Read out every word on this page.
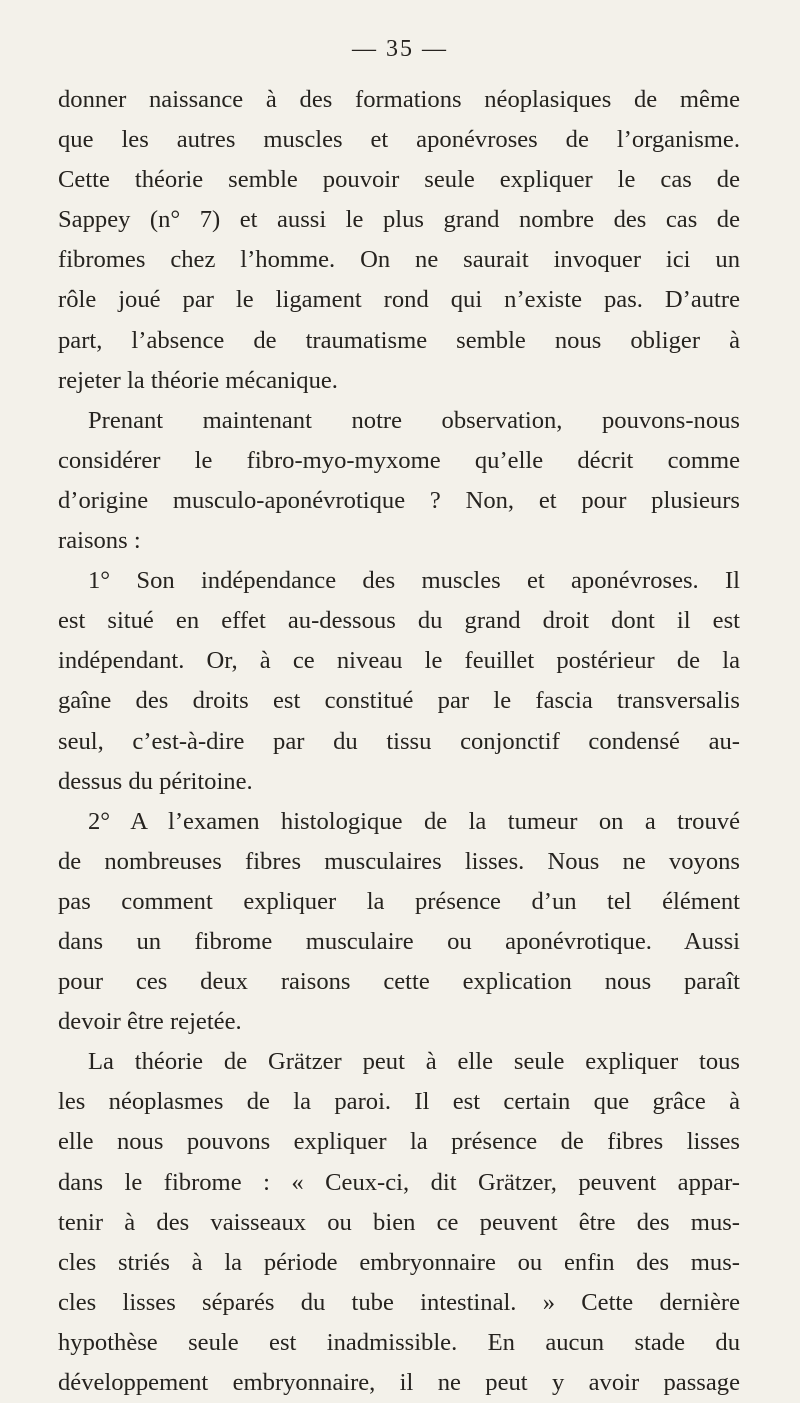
— 35 —
donner naissance à des formations néoplasiques de même
que les autres muscles et aponévroses de l’organisme.
Cette théorie semble pouvoir seule expliquer le cas de
Sappey (n° 7) et aussi le plus grand nombre des cas de
fibromes chez l’homme. On ne saurait invoquer ici un
rôle joué par le ligament rond qui n’existe pas. D’autre
part, l’absence de traumatisme semble nous obliger à
rejeter la théorie mécanique.
Prenant maintenant notre observation, pouvons-nous
considérer le fibro-myo-myxome qu’elle décrit comme
d’origine musculo-aponévrotique ? Non, et pour plusieurs
raisons :
1° Son indépendance des muscles et aponévroses. Il
est situé en effet au-dessous du grand droit dont il est
indépendant. Or, à ce niveau le feuillet postérieur de la
gaîne des droits est constitué par le fascia transversalis
seul, c’est-à-dire par du tissu conjonctif condensé au-
dessus du péritoine.
2° A l’examen histologique de la tumeur on a trouvé
de nombreuses fibres musculaires lisses. Nous ne voyons
pas comment expliquer la présence d’un tel élément
dans un fibrome musculaire ou aponévrotique. Aussi
pour ces deux raisons cette explication nous paraît
devoir être rejetée.
La théorie de Grätzer peut à elle seule expliquer tous
les néoplasmes de la paroi. Il est certain que grâce à
elle nous pouvons expliquer la présence de fibres lisses
dans le fibrome : « Ceux-ci, dit Grätzer, peuvent appar-
tenir à des vaisseaux ou bien ce peuvent être des mus-
cles striés à la période embryonnaire ou enfin des mus-
cles lisses séparés du tube intestinal. » Cette dernière
hypothèse seule est inadmissible. En aucun stade du
développement embryonnaire, il ne peut y avoir passage
